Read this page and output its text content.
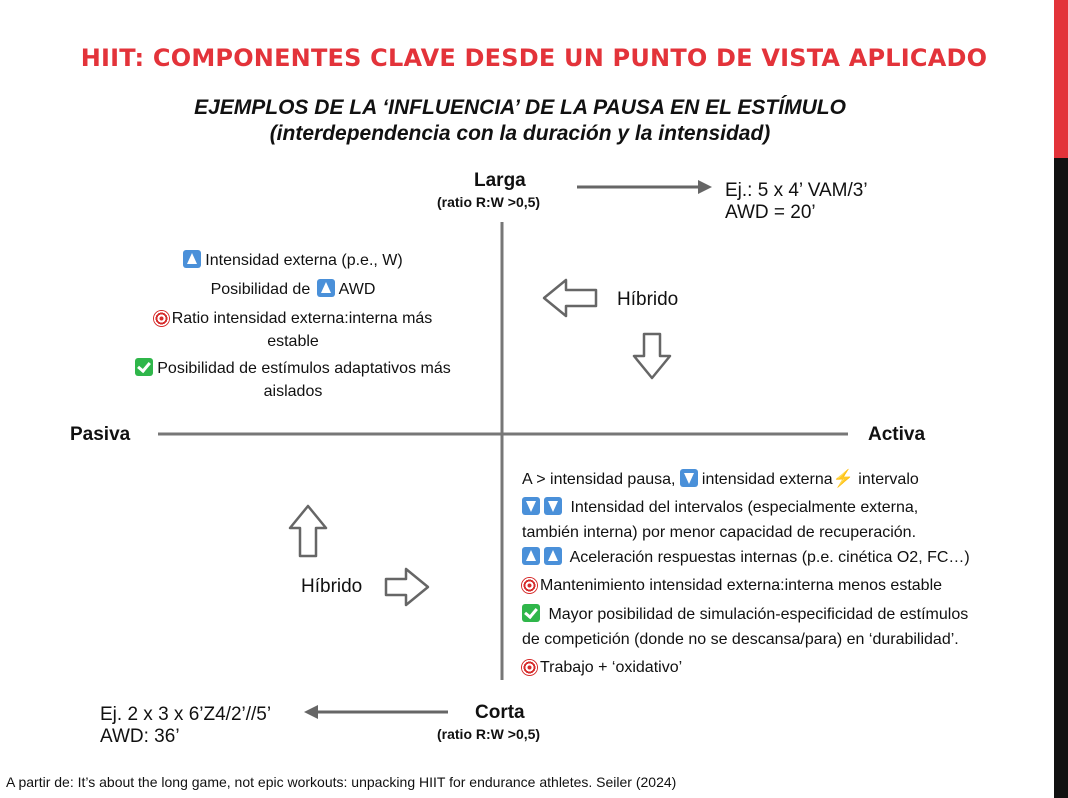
HIIT: COMPONENTES CLAVE DESDE UN PUNTO DE VISTA APLICADO
EJEMPLOS DE LA ‘INFLUENCIA’ DE LA PAUSA EN EL ESTÍMULO
(interdependencia con la duración y la intensidad)
Larga
(ratio R:W >0,5)
Corta
(ratio R:W >0,5)
Pasiva	Activa
Ej.: 5 x 4’ VAM/3’
AWD = 20’
Ej. 2 x 3 x 6’Z4/2’//5’
AWD: 36’
Intensidad externa (p.e., W)
Posibilidad de AWD
Ratio intensidad externa:interna más estable
Posibilidad de estímulos adaptativos más aislados
Híbrido
Híbrido
A > intensidad pausa, intensidad externa⚡ intervalo
Intensidad del intervalos (especialmente externa,
también interna) por menor capacidad de recuperación.
Aceleración respuestas internas (p.e. cinética O2, FC…)
Mantenimiento intensidad externa:interna menos estable
Mayor posibilidad de simulación-especificidad de estímulos
de competición (donde no se descansa/para) en ‘durabilidad’.
Trabajo + ‘oxidativo’
A partir de: It’s about the long game, not epic workouts: unpacking HIIT for endurance athletes. Seiler (2024)
